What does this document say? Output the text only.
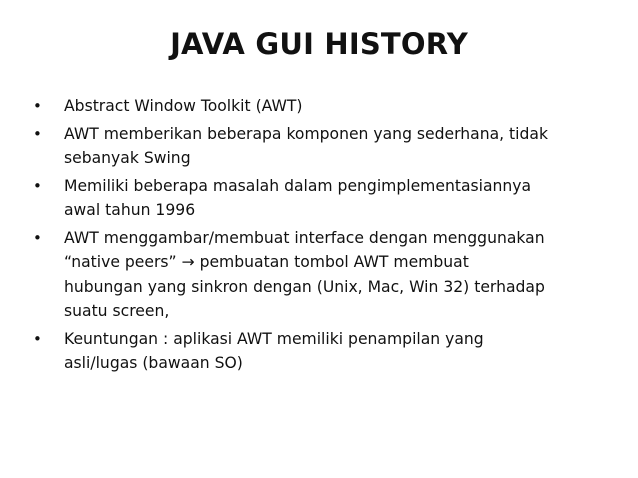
JAVA GUI HISTORY
• Abstract Window Toolkit (AWT)
• AWT memberikan beberapa komponen yang sederhana, tidak
sebanyak Swing
• Memiliki beberapa masalah dalam pengimplementasiannya
awal tahun 1996
• AWT menggambar/membuat interface dengan menggunakan
“native peers” → pembuatan tombol AWT membuat
hubungan yang sinkron dengan (Unix, Mac, Win 32) terhadap
suatu screen,
• Keuntungan : aplikasi AWT memiliki penampilan yang
asli/lugas (bawaan SO)
